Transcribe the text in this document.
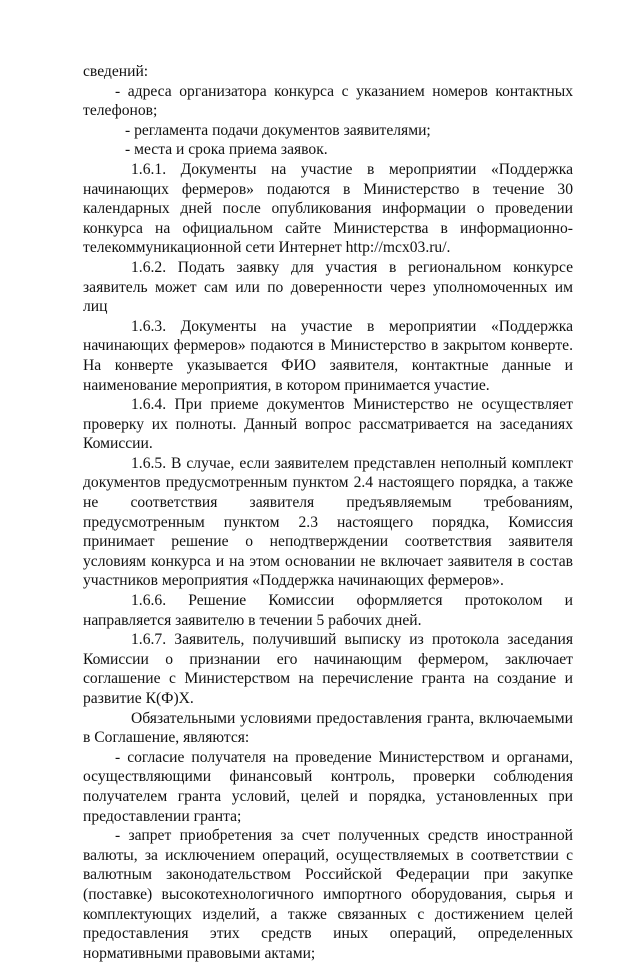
сведений:

- адреса организатора конкурса с указанием номеров контактных телефонов;

- регламента подачи документов заявителями;

- места и срока приема заявок.

1.6.1. Документы на участие в мероприятии «Поддержка начинающих фермеров» подаются в Министерство в течение 30 календарных дней после опубликования информации о проведении конкурса на официальном сайте Министерства в информационно-телекоммуникационной сети Интернет http://mcx03.ru/.

1.6.2. Подать заявку для участия в региональном конкурсе заявитель может сам или по доверенности через уполномоченных им лиц

1.6.3. Документы на участие в мероприятии «Поддержка начинающих фермеров» подаются в Министерство в закрытом конверте. На конверте указывается ФИО заявителя, контактные данные и наименование мероприятия, в котором принимается участие.

1.6.4. При приеме документов Министерство не осуществляет проверку их полноты. Данный вопрос рассматривается на заседаниях Комиссии.

1.6.5. В случае, если заявителем представлен неполный комплект документов предусмотренным пунктом 2.4 настоящего порядка, а также не соответствия заявителя предъявляемым требованиям, предусмотренным пунктом 2.3 настоящего порядка, Комиссия принимает решение о неподтверждении соответствия заявителя условиям конкурса и на этом основании не включает заявителя в состав участников мероприятия «Поддержка начинающих фермеров».

1.6.6. Решение Комиссии оформляется протоколом и направляется заявителю в течении 5 рабочих дней.

1.6.7. Заявитель, получивший выписку из протокола заседания Комиссии о признании его начинающим фермером, заключает соглашение с Министерством на перечисление гранта на создание и развитие К(Ф)Х.

Обязательными условиями предоставления гранта, включаемыми в Соглашение, являются:

- согласие получателя на проведение Министерством и органами, осуществляющими финансовый контроль, проверки соблюдения получателем гранта условий, целей и порядка, установленных при предоставлении гранта;

- запрет приобретения за счет полученных средств иностранной валюты, за исключением операций, осуществляемых в соответствии с валютным законодательством Российской Федерации при закупке (поставке) высокотехнологичного импортного оборудования, сырья и комплектующих изделий, а также связанных с достижением целей предоставления этих средств иных операций, определенных нормативными правовыми актами;
